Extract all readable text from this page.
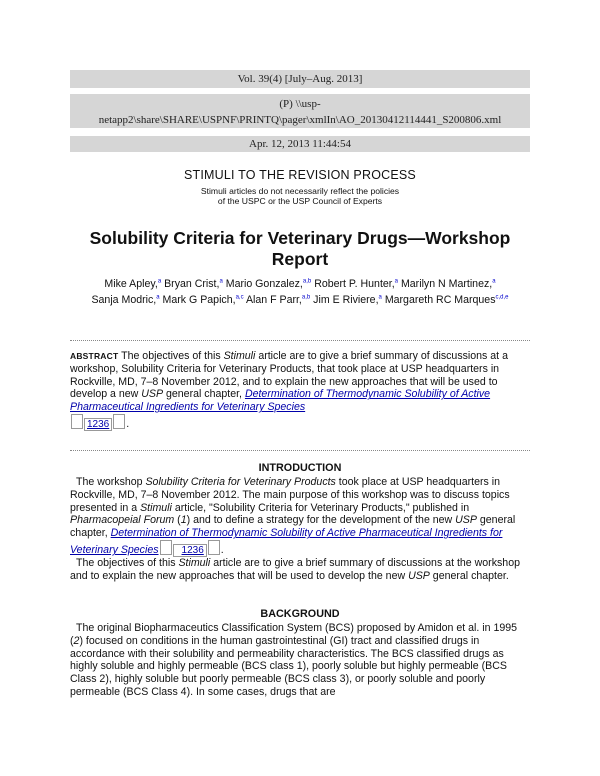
Vol. 39(4) [July–Aug. 2013]
(P) \\usp-
netapp2\share\SHARE\USPNF\PRINTQ\pager\xmlIn\AO_20130412114441_S200806.xml
Apr. 12, 2013 11:44:54
STIMULI TO THE REVISION PROCESS
Stimuli articles do not necessarily reflect the policies
of the USPC or the USP Council of Experts
Solubility Criteria for Veterinary Drugs—Workshop
Report
Mike Apley,$^a$ Bryan Crist,$^a$ Mario Gonzalez,$^{a,b}$ Robert P. Hunter,$^a$ Marilyn N Martinez,$^a$
Sanja Modric,$^a$ Mark G Papich,$^{a,c}$ Alan F Parr,$^{a,b}$ Jim E Riviere,$^a$ Margareth RC Marques$^{c,d,e}$
ABSTRACT The objectives of this Stimuli article are to give a brief summary of discussions at a workshop, Solubility Criteria for Veterinary Products, that took place at USP headquarters in Rockville, MD, 7–8 November 2012, and to explain the new approaches that will be used to develop a new USP general chapter, Determination of Thermodynamic Solubility of Active Pharmaceutical Ingredients for Veterinary Species
1236 .
INTRODUCTION

The workshop Solubility Criteria for Veterinary Products took place at USP headquarters in Rockville, MD, 7–8 November 2012. The main purpose of this workshop was to discuss topics presented in a Stimuli article, "Solubility Criteria for Veterinary Products," published in Pharmacopeial Forum (1) and to define a strategy for the development of the new USP general chapter, Determination of Thermodynamic Solubility of Active Pharmaceutical Ingredients for Veterinary Species 1236 .

The objectives of this Stimuli article are to give a brief summary of discussions at the workshop and to explain the new approaches that will be used to develop the new USP general chapter.

BACKGROUND

The original Biopharmaceutics Classification System (BCS) proposed by Amidon et al. in 1995 (2) focused on conditions in the human gastrointestinal (GI) tract and classified drugs in accordance with their solubility and permeability characteristics. The BCS classified drugs as highly soluble and highly permeable (BCS class 1), poorly soluble but highly permeable (BCS Class 2), highly soluble but poorly permeable (BCS class 3), or poorly soluble and poorly permeable (BCS Class 4). In some cases, drugs that are
